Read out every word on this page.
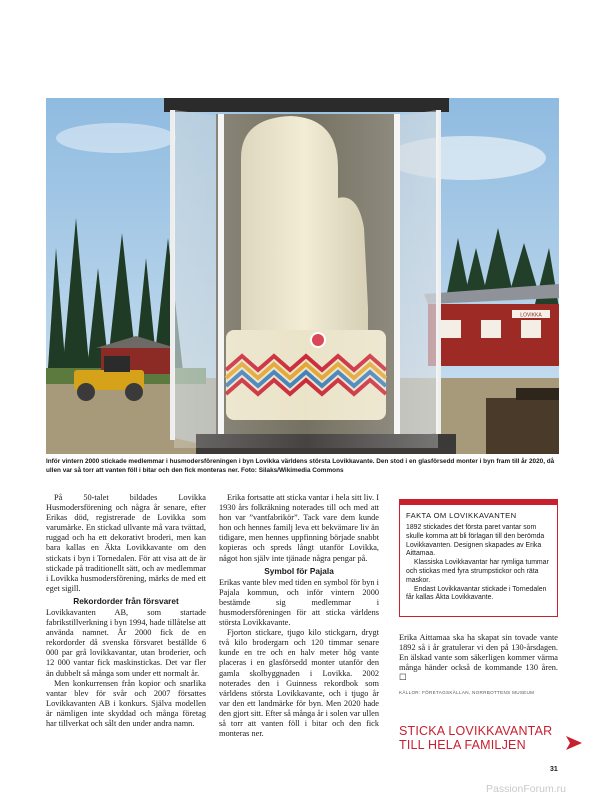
LOVIKKA
Inför vintern 2000 stickade medlemmar i husmodersföreningen i byn Lovikka världens största Lovikkavante. Den stod i en glasförsedd monter i byn fram till år 2020, då ullen var så torr att vanten föll i bitar och den fick monteras ner. Foto: Silaks/Wikimedia Commons

På 50-talet bildades Lovikka Husmodersförening och några år senare, efter Erikas död, registrerade de Lovikka som varumärke. En stickad ullvante må vara tvättad, ruggad och ha ett dekorativt broderi, men kan bara kallas en Äkta Lovikkavante om den stickats i byn i Tornedalen. För att visa att de är stickade på traditionellt sätt, och av medlemmar i Lovikka husmodersförening, märks de med ett eget sigill.

Rekordorder från försvaret

Lovikkavanten AB, som startade fabrikstillverkning i byn 1994, hade tillåtelse att använda namnet. År 2000 fick de en rekordorder då svenska försvaret beställde 6 000 par grå lovikkavantar, utan broderier, och 12 000 vantar fick maskinstickas. Det var fler än dubbelt så många som under ett normalt år.

Men konkurrensen från kopior och snarlika vantar blev för svår och 2007 försattes Lovikkavanten AB i konkurs. Själva modellen är nämligen inte skyddad och många företag har tillverkat och sålt den under andra namn.

Erika fortsatte att sticka vantar i hela sitt liv. I 1930 års folkräkning noterades till och med att hon var ”vantfabrikör”. Tack vare dem kunde hon och hennes familj leva ett bekvämare liv än tidigare, men hennes uppfinning började snabbt kopieras och spreds långt utanför Lovikka, något hon själv inte tjänade några pengar på.

Symbol för Pajala

Erikas vante blev med tiden en symbol för byn i Pajala kommun, och inför vintern 2000 bestämde sig medlemmar i husmodersföreningen för att sticka världens största Lovikkavante.

Fjorton stickare, tjugo kilo stickgarn, drygt två kilo brodergarn och 120 timmar senare kunde en tre och en halv meter hög vante placeras i en glasförsedd monter utanför den gamla skolbyggnaden i Lovikka. 2002 noterades den i Guinness rekordbok som världens största Lovikkavante, och i tjugo år var den ett landmärke för byn. Men 2020 hade den gjort sitt. Efter så många år i solen var ullen så torr att vanten föll i bitar och den fick monteras ner.

FAKTA OM LOVIKKAVANTEN

1892 stickades det första paret vantar som skulle komma att bli förlagan till den berömda Lovikkavanten. Designen skapades av Erika Aittamaa.

Klassiska Lovikkavantar har rymliga tummar och stickas med fyra strumpstickor och räta maskor.

Endast Lovikkavantar stickade i Tornedalen får kallas Äkta Lovikkavante.

Erika Aittamaa ska ha skapat sin tovade vante 1892 så i år gratulerar vi den på 130-årsdagen. En älskad vante som säkerligen kommer värma många händer också de kommande 130 åren. ☐

KÄLLOR: FÖRETAGSKÄLLAN, NORRBOTTENS MUSEUM
STICKA LOVIKKAVANTAR
TILL HELA FAMILJEN
31
PassionForum.ru
